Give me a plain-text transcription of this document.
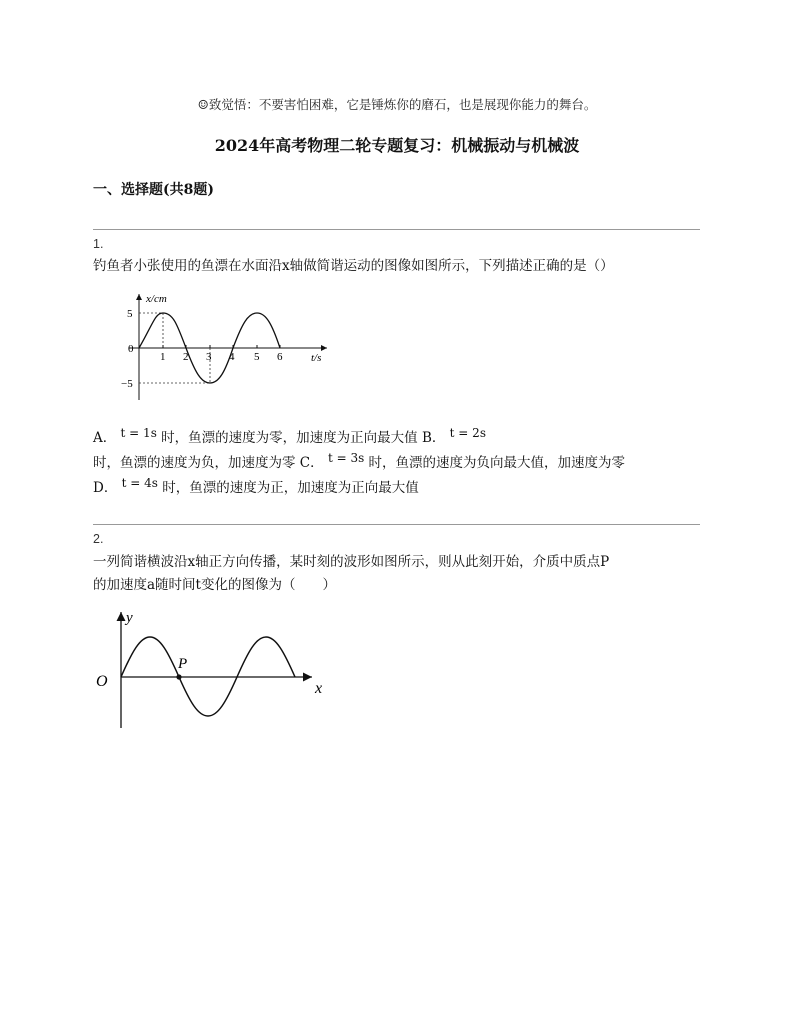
☺致觉悟：不要害怕困难，它是锤炼你的磨石，也是展现你能力的舞台。
2024年高考物理二轮专题复习：机械振动与机械波
一、选择题(共8题)
1.
钓鱼者小张使用的鱼漂在水面沿x轴做简谐运动的图像如图所示，下列描述正确的是（）
x/cm
t/s
0
5
−5
1 2 3 4 5 6
A． t = 1s 时，鱼漂的速度为零，加速度为正向最大值 B． t = 2s
时，鱼漂的速度为负，加速度为零 C． t = 3s 时，鱼漂的速度为负向最大值，加速度为零
D． t = 4s 时，鱼漂的速度为正，加速度为正向最大值
2.
一列简谐横波沿x轴正方向传播，某时刻的波形如图所示，则从此刻开始，介质中质点P
的加速度a随时间t变化的图像为（　　）
y
x
O
P
